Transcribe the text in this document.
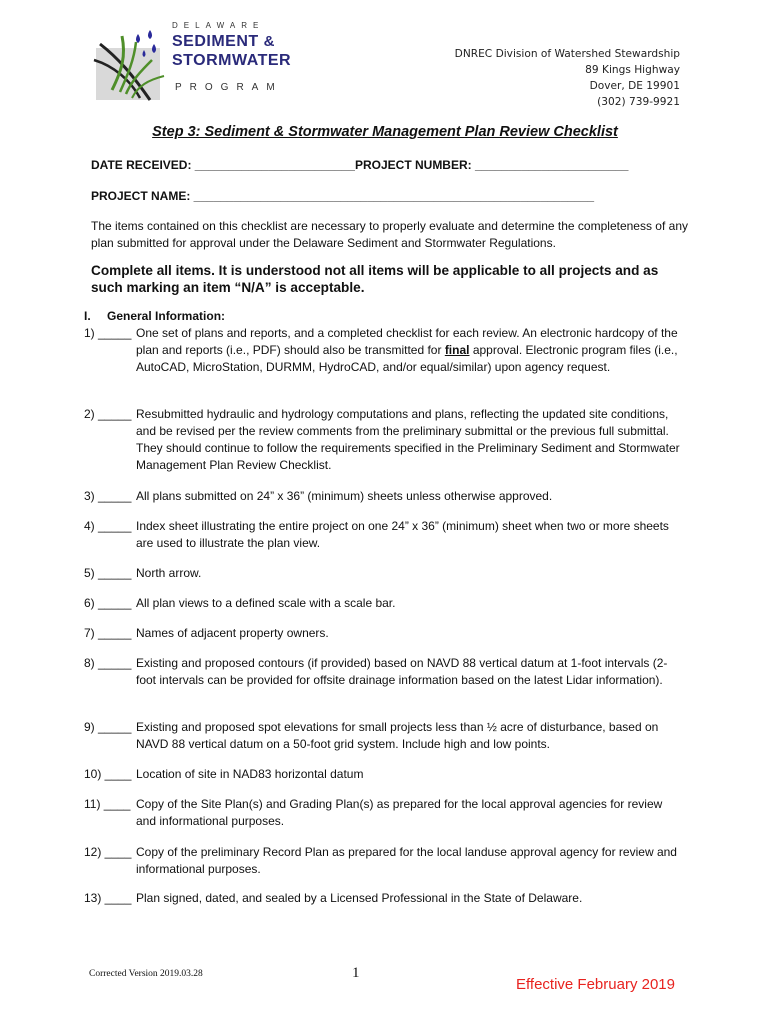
DELAWARE
SEDIMENT &
STORMWATER
PROGRAM
DNREC Division of Watershed Stewardship
89 Kings Highway
Dover, DE 19901
(302) 739-9921
Step 3: Sediment & Stormwater Management Plan Review Checklist
DATE RECEIVED: ________________________PROJECT NUMBER: _______________________
PROJECT NAME: ____________________________________________________________
The items contained on this checklist are necessary to properly evaluate and determine the completeness of any plan submitted for approval under the Delaware Sediment and Stormwater Regulations.
Complete all items. It is understood not all items will be applicable to all projects and as such marking an item “N/A” is acceptable.
I. General Information:
1) _____ One set of plans and reports, and a completed checklist for each review. An electronic hardcopy of the plan and reports (i.e., PDF) should also be transmitted for final approval. Electronic program files (i.e., AutoCAD, MicroStation, DURMM, HydroCAD, and/or equal/similar) upon agency request.
2) _____ Resubmitted hydraulic and hydrology computations and plans, reflecting the updated site conditions, and be revised per the review comments from the preliminary submittal or the previous full submittal. They should continue to follow the requirements specified in the Preliminary Sediment and Stormwater Management Plan Review Checklist.
3) _____ All plans submitted on 24” x 36” (minimum) sheets unless otherwise approved.
4) _____ Index sheet illustrating the entire project on one 24” x 36” (minimum) sheet when two or more sheets are used to illustrate the plan view.
5) _____ North arrow.
6) _____ All plan views to a defined scale with a scale bar.
7) _____ Names of adjacent property owners.
8) _____ Existing and proposed contours (if provided) based on NAVD 88 vertical datum at 1-foot intervals (2-foot intervals can be provided for offsite drainage information based on the latest Lidar information).
9) _____ Existing and proposed spot elevations for small projects less than ½ acre of disturbance, based on NAVD 88 vertical datum on a 50-foot grid system. Include high and low points.
10) ____ Location of site in NAD83 horizontal datum
11) ____ Copy of the Site Plan(s) and Grading Plan(s) as prepared for the local approval agencies for review and informational purposes.
12) ____ Copy of the preliminary Record Plan as prepared for the local landuse approval agency for review and informational purposes.
13) ____ Plan signed, dated, and sealed by a Licensed Professional in the State of Delaware.
Corrected Version 2019.03.28	1
Effective February 2019
